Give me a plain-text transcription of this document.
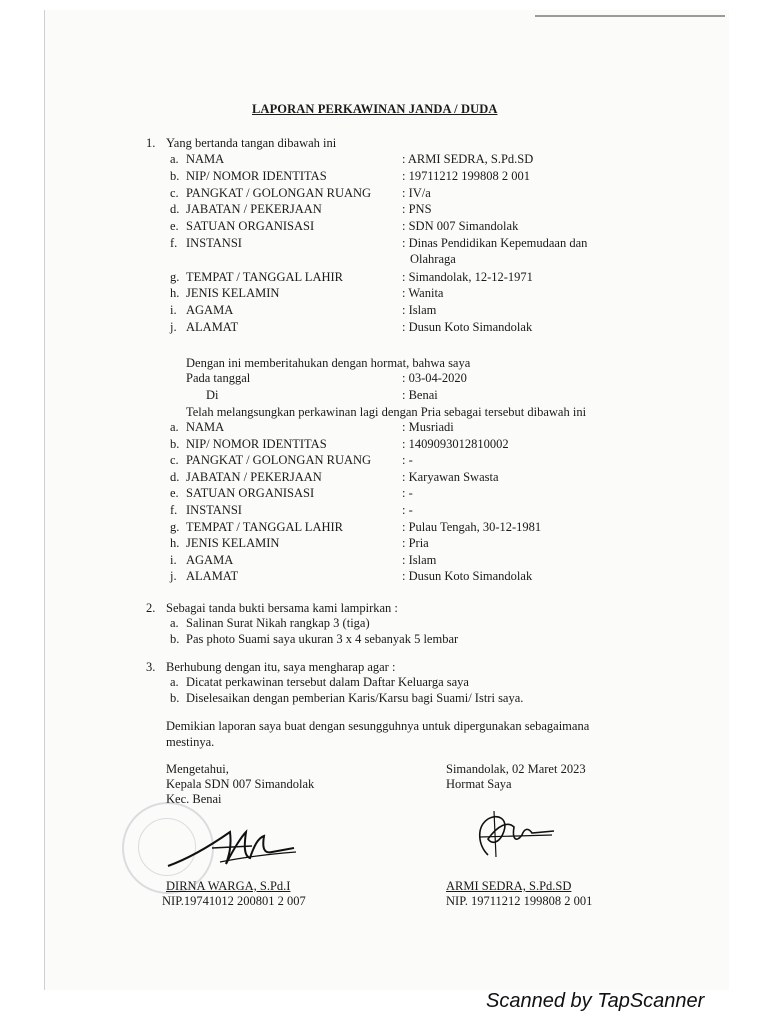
LAPORAN PERKAWINAN JANDA / DUDA
1. Yang bertanda tangan dibawah ini
a. NAMA	: ARMI SEDRA, S.Pd.SD
b. NIP/ NOMOR IDENTITAS	: 19711212 199808 2 001
c. PANGKAT / GOLONGAN RUANG : IV/a
d. JABATAN / PEKERJAAN	: PNS
e. SATUAN ORGANISASI	: SDN 007 Simandolak
f. INSTANSI	: Dinas Pendidikan Kepemudaan dan
Olahraga
g. TEMPAT / TANGGAL LAHIR	: Simandolak, 12-12-1971
h. JENIS KELAMIN	: Wanita
i. AGAMA	: Islam
j. ALAMAT	: Dusun Koto Simandolak
Dengan ini memberitahukan dengan hormat, bahwa saya
Pada tanggal	: 03-04-2020
Di	: Benai
Telah melangsungkan perkawinan lagi dengan Pria sebagai tersebut dibawah ini
a. NAMA	: Musriadi
b. NIP/ NOMOR IDENTITAS	: 1409093012810002
c. PANGKAT / GOLONGAN RUANG : -
d. JABATAN / PEKERJAAN	: Karyawan Swasta
e. SATUAN ORGANISASI	: -
f. INSTANSI	: -
g. TEMPAT / TANGGAL LAHIR	: Pulau Tengah, 30-12-1981
h. JENIS KELAMIN	: Pria
i. AGAMA	: Islam
j. ALAMAT	: Dusun Koto Simandolak
2. Sebagai tanda bukti bersama kami lampirkan :
a. Salinan Surat Nikah rangkap 3 (tiga)
b. Pas photo Suami saya ukuran 3 x 4 sebanyak 5 lembar
3. Berhubung dengan itu, saya mengharap agar :
a. Dicatat perkawinan tersebut dalam Daftar Keluarga saya
b. Diselesaikan dengan pemberian Karis/Karsu bagi Suami/ Istri saya.
Demikian laporan saya buat dengan sesungguhnya untuk dipergunakan sebagaimana
mestinya.
Mengetahui,
Kepala SDN 007 Simandolak
Kec. Benai
DIRNA WARGA, S.Pd.I
NIP.19741012 200801 2 007
Simandolak, 02 Maret 2023
Hormat Saya
ARMI SEDRA, S.Pd.SD
NIP. 19711212 199808 2 001
Scanned by TapScanner
